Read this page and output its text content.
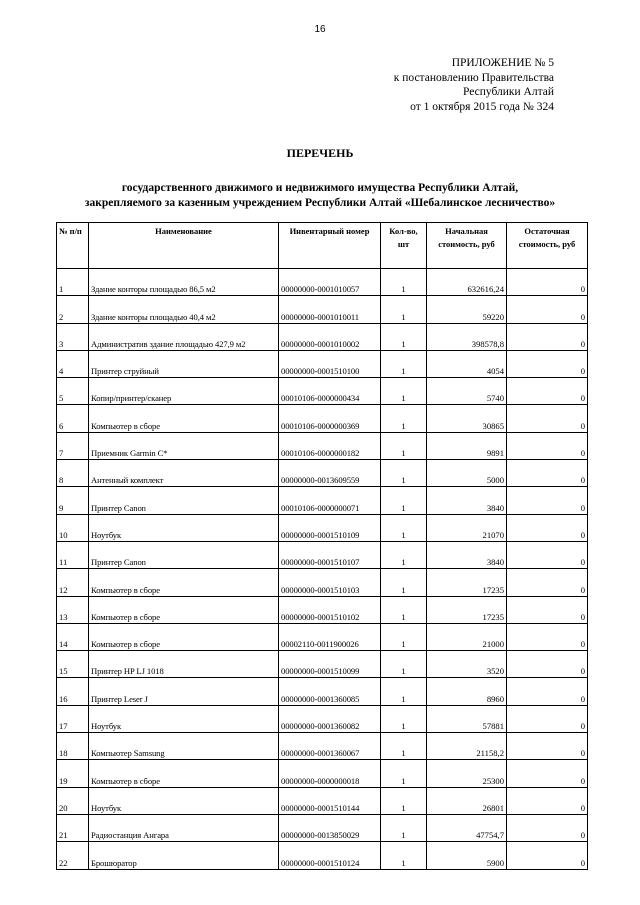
16
ПРИЛОЖЕНИЕ № 5
к постановлению Правительства
Республики Алтай
от 1 октября 2015 года № 324
ПЕРЕЧЕНЬ
государственного движимого и недвижимого имущества Республики Алтай,
закрепляемого за казенным учреждением Республики Алтай «Шебалинское лесничество»
№ п/п	Наименование	Инвентарный номер	Кол-во, шт	Начальная стоимость, руб	Остаточная стоимость, руб
1	Здание конторы площадью 86,5 м2	00000000-0001010057	1	632616,24	0
2	Здание конторы площадью 40,4 м2	00000000-0001010011	1	59220	0
3	Административ здание площадью 427,9 м2	00000000-0001010002	1	398578,8	0
4	Принтер струйный	00000000-0001510100	1	4054	0
5	Копир/принтер/сканер	00010106-0000000434	1	5740	0
6	Компьютер в сборе	00010106-0000000369	1	30865	0
7	Приемник Garmin C*	00010106-0000000182	1	9891	0
8	Антенный комплект	00000000-0013609559	1	5000	0
9	Принтер Canon	00010106-0000000071	1	3840	0
10	Ноутбук	00000000-0001510109	1	21070	0
11	Принтер Canon	00000000-0001510107	1	3840	0
12	Компьютер в сборе	00000000-0001510103	1	17235	0
13	Компьютер в сборе	00000000-0001510102	1	17235	0
14	Компьютер в сборе	00002110-0011900026	1	21000	0
15	Принтер HP LJ 1018	00000000-0001510099	1	3520	0
16	Принтер Leser J	00000000-0001360085	1	8960	0
17	Ноутбук	00000000-0001360082	1	57881	0
18	Компьютер Samsung	00000000-0001360067	1	21158,2	0
19	Компьютер в сборе	00000000-0000000018	1	25300	0
20	Ноутбук	00000000-0001510144	1	26801	0
21	Радиостанция Ангара	00000000-0013850029	1	47754,7	0
22	Брошюратор	00000000-0001510124	1	5900	0
